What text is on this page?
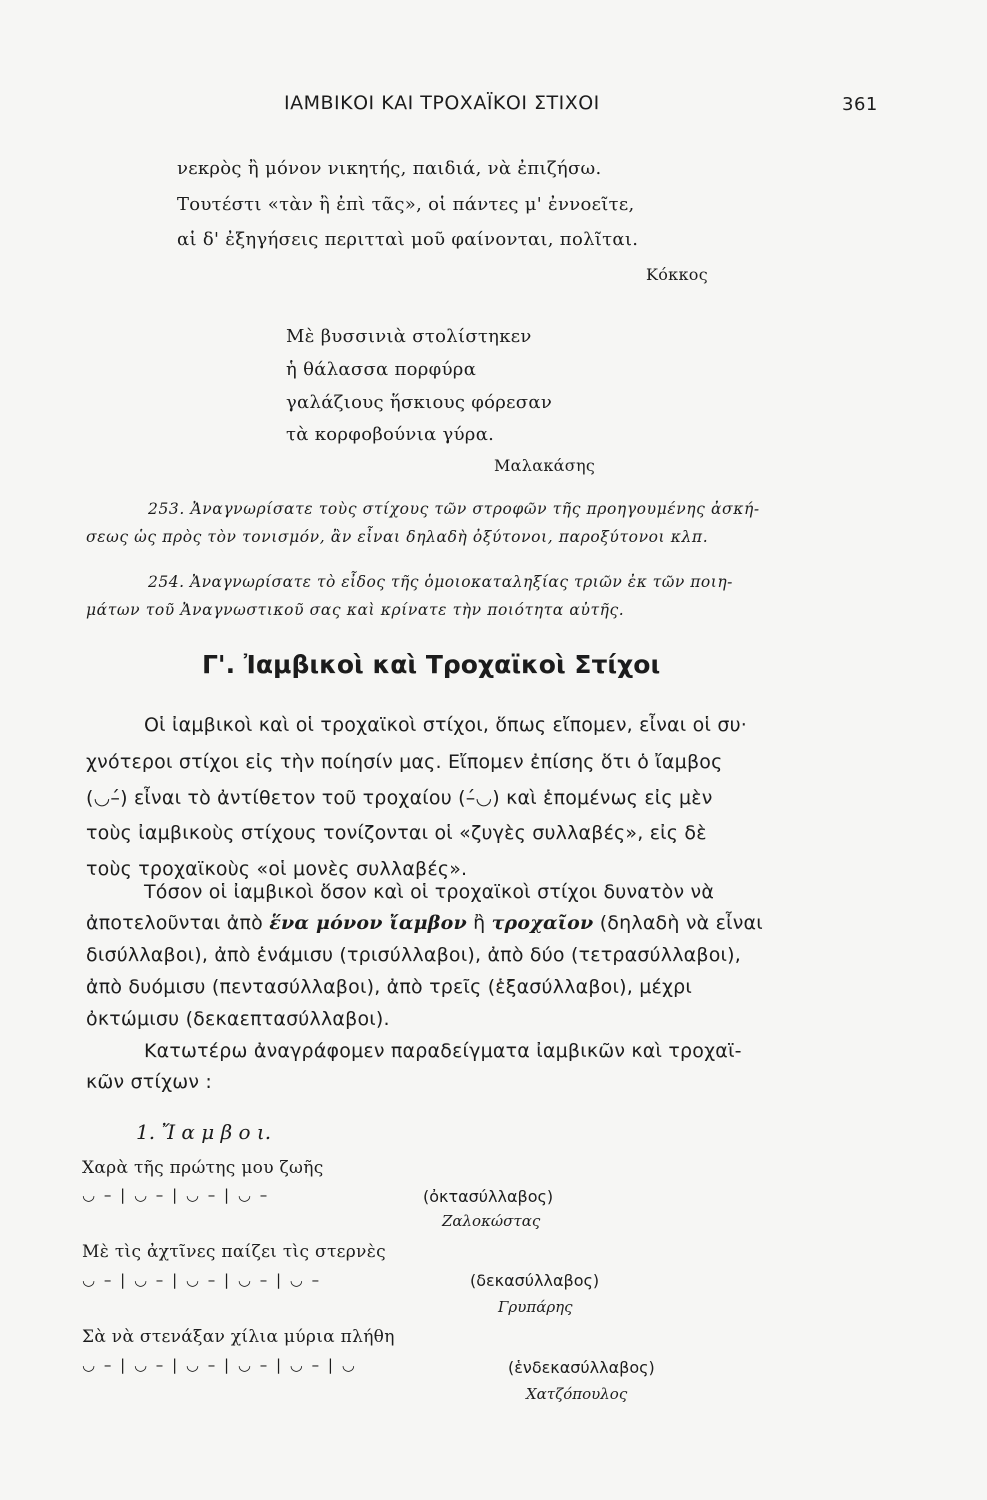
ΙΑΜΒΙΚΟΙ ΚΑΙ ΤΡΟΧΑΪΚΟΙ ΣΤΙΧΟΙ	361
νεκρὸς ἢ μόνον νικητής, παιδιά, νὰ ἐπιζήσω.
Τουτέστι «τὰν ἢ ἐπὶ τᾶς», οἱ πάντες μ' ἐννοεῖτε,
αἱ δ' ἐξηγήσεις περιτταὶ μοῦ φαίνονται, πολῖται.
Κόκκος
Μὲ βυσσινιὰ στολίστηκεν
ἡ θάλασσα πορφύρα
γαλάζιους ἥσκιους φόρεσαν
τὰ κορφοβούνια γύρα.
Μαλακάσης
253. Ἀναγνωρίσατε τοὺς στίχους τῶν στροφῶν τῆς προηγουμένης ἀσκή-
σεως ὡς πρὸς τὸν τονισμόν, ἂν εἶναι δηλαδὴ ὀξύτονοι, παροξύτονοι κλπ.
254. Ἀναγνωρίσατε τὸ εἶδος τῆς ὁμοιοκαταληξίας τριῶν ἐκ τῶν ποιη-
μάτων τοῦ Ἀναγνωστικοῦ σας καὶ κρίνατε τὴν ποιότητα αὐτῆς.
Γ'. Ἰαμβικοὶ καὶ Τροχαϊκοὶ Στίχοι
Οἱ ἰαμβικοὶ καὶ οἱ τροχαϊκοὶ στίχοι, ὅπως εἴπομεν, εἶναι οἱ συ·
χνότεροι στίχοι εἰς τὴν ποίησίν μας. Εἴπομεν ἐπίσης ὅτι ὁ ἴαμβος
(◡–́) εἶναι τὸ ἀντίθετον τοῦ τροχαίου (–́◡) καὶ ἑπομένως εἰς μὲν
τοὺς ἰαμβικοὺς στίχους τονίζονται οἱ «ζυγὲς συλλαβές», εἰς δὲ
τοὺς τροχαϊκοὺς «οἱ μονὲς συλλαβές».
Τόσον οἱ ἰαμβικοὶ ὅσον καὶ οἱ τροχαϊκοὶ στίχοι δυνατὸν νὰ
ἀποτελοῦνται ἀπὸ ἕνα μόνον ἴαμβον ἢ τροχαῖον (δηλαδὴ νὰ εἶναι
δισύλλαβοι), ἀπὸ ἑνάμισυ (τρισύλλαβοι), ἀπὸ δύο (τετρασύλλαβοι),
ἀπὸ δυόμισυ (πεντασύλλαβοι), ἀπὸ τρεῖς (ἑξασύλλαβοι), μέχρι
ὀκτώμισυ (δεκαεπτασύλλαβοι).
Κατωτέρω ἀναγράφομεν παραδείγματα ἰαμβικῶν καὶ τροχαϊ-
κῶν στίχων :
1. Ἴ α μ β ο ι.
Χαρὰ τῆς πρώτης μου ζωῆς
◡ – | ◡ – | ◡ – | ◡ –	(ὀκτασύλλαβος)
Ζαλοκώστας
Μὲ τὶς ἀχτῖνες παίζει τὶς στερνὲς
◡ – | ◡ – | ◡ – | ◡ – | ◡ –	(δεκασύλλαβος)
Γρυπάρης
Σὰ νὰ στενάξαν χίλια μύρια πλήθη
◡ – | ◡ – | ◡ – | ◡ – | ◡ – | ◡	(ἑνδεκασύλλαβος)
Χατζόπουλος
